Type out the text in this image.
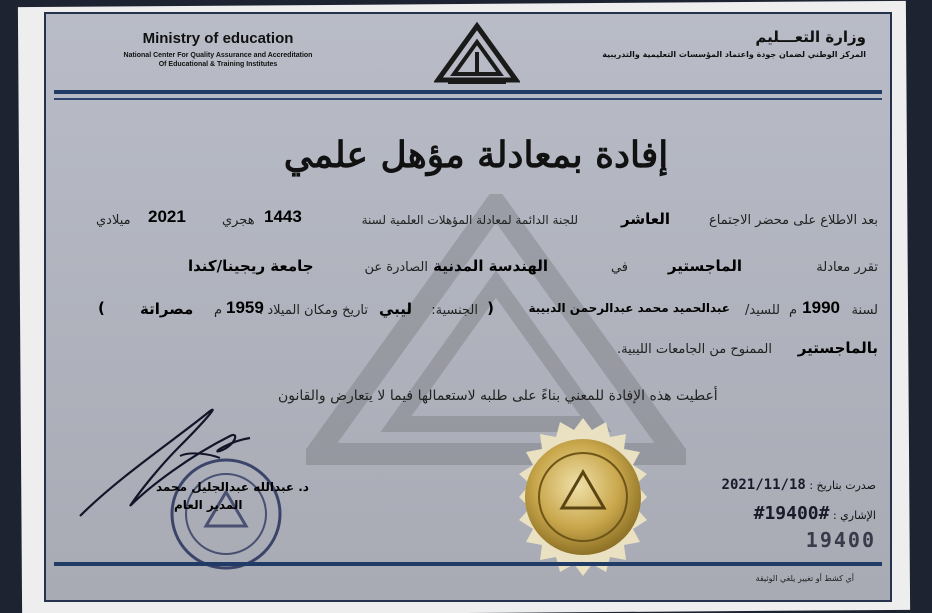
Ministry of education
National Center For Quality Assurance and Accreditation
Of Educational & Training Institutes
وزارة التعـــليم
المركز الوطني لضمان جودة واعتماد المؤسسات التعليمية والتدريبية
إفادة بمعادلة مؤهل علمي
بعد الاطلاع على محضر الاجتماع
العاشر
للجنة الدائمة لمعادلة المؤهلات العلمية لسنة
1443
هجري
2021
ميلادي
تقرر معادلة
الماجستير
في
الهندسة المدنية
الصادرة عن
جامعة ريجينا/كندا
لسنة
1990
م
للسيد/
عبدالحميد محمد عبدالرحمن الدبيبة
(
الجنسية:
ليبي
تاريخ ومكان الميلاد :
1959
م
مصراتة
)
بالماجستير
الممنوح من الجامعات الليبية.
أعطيت هذه الإفادة للمعني بناءً على طلبه لاستعمالها فيما لا يتعارض والقانون
د. عبدالله عبدالجليل محمد
المدير العام
صدرت بتاريخ : 2021/11/18
الإشاري : #19400#
19400
أي كشط أو تغيير يلغي الوثيقة
